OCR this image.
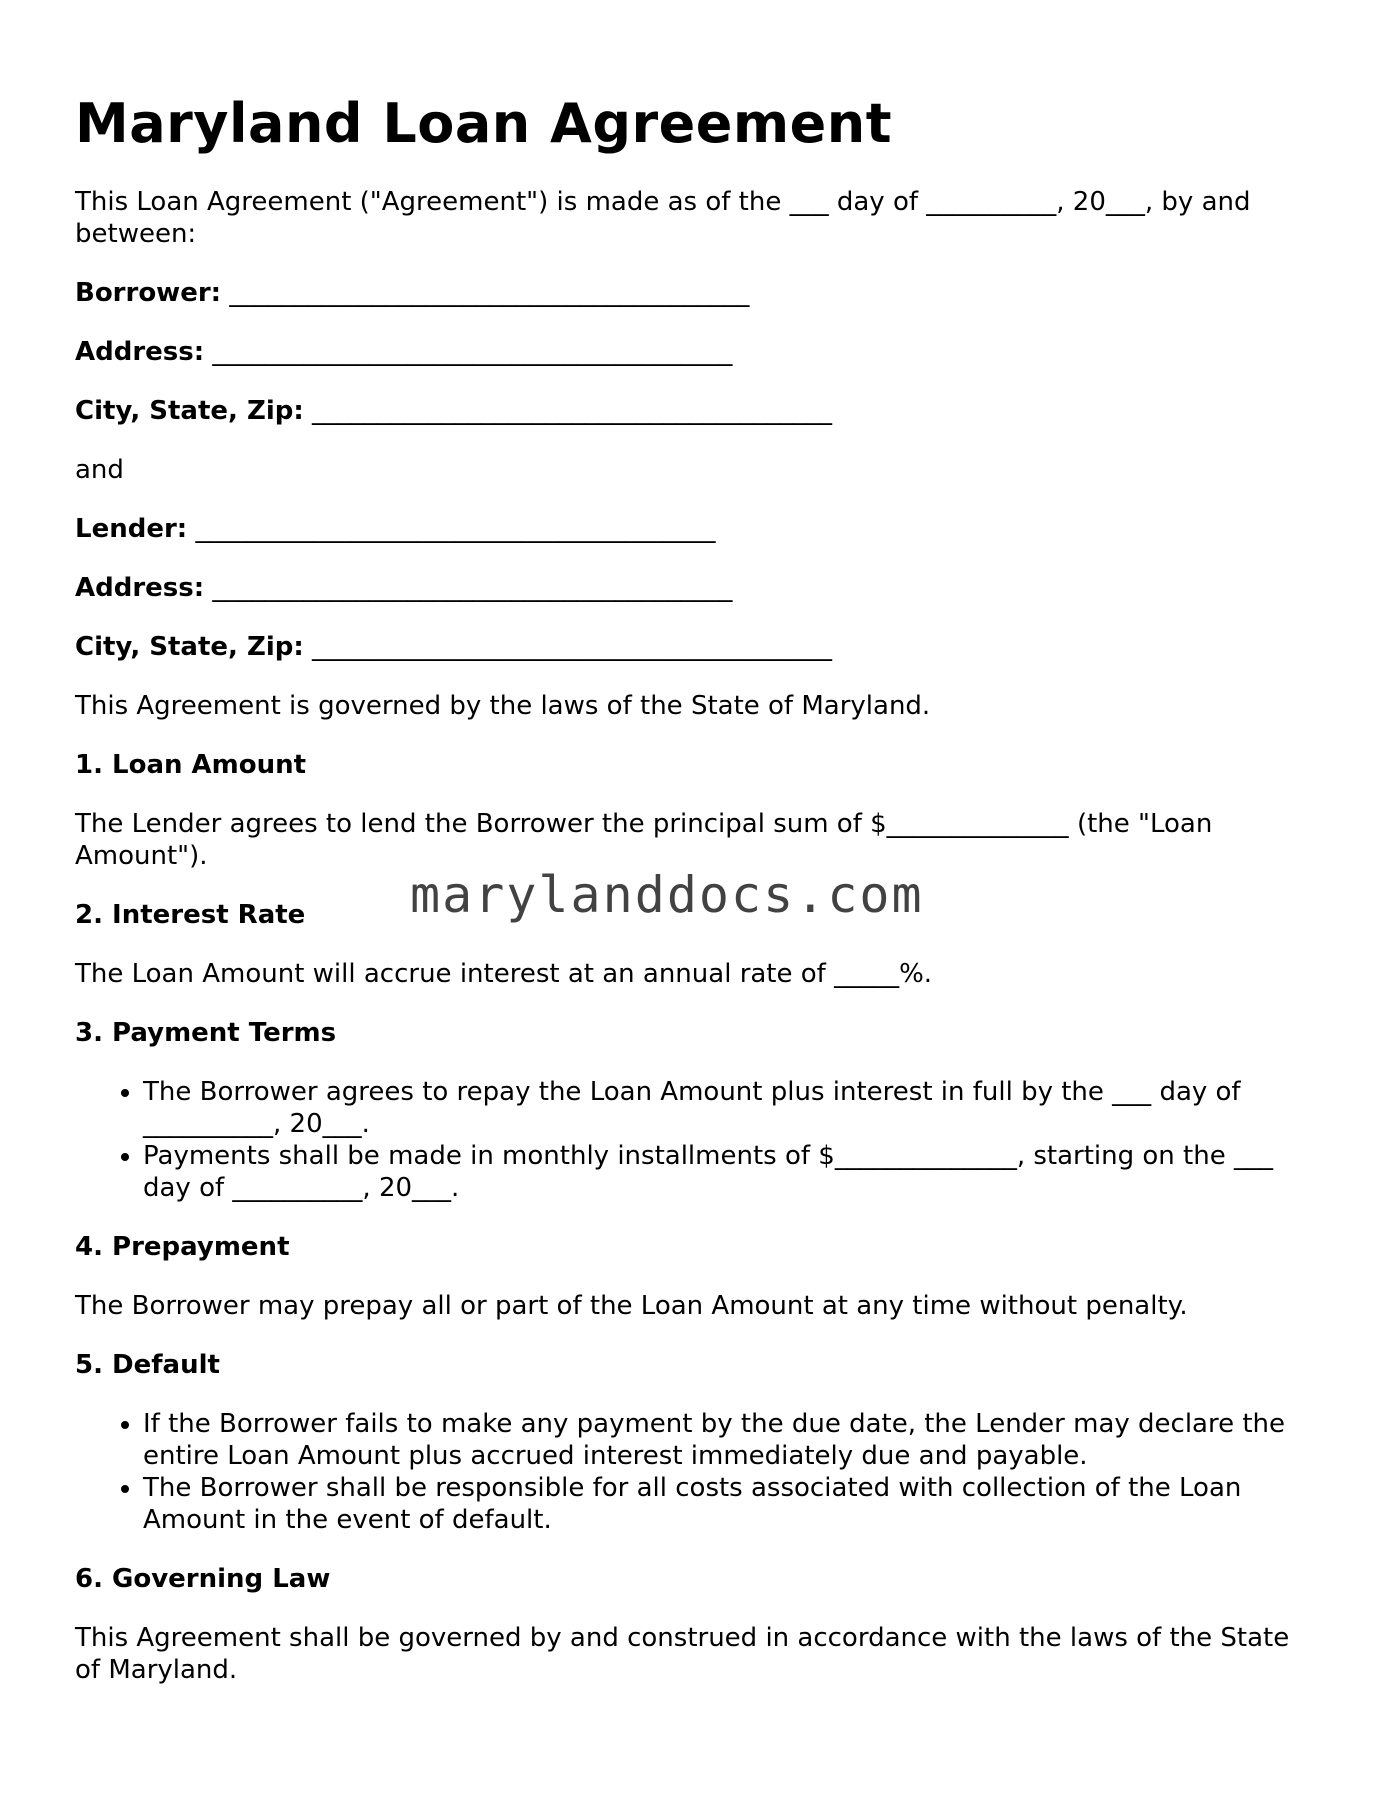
Maryland Loan Agreement

This Loan Agreement ("Agreement") is made as of the ___ day of __________, 20___, by and between:

Borrower: ________________________________________

Address: ________________________________________

City, State, Zip: ________________________________________

and

Lender: ________________________________________

Address: ________________________________________

City, State, Zip: ________________________________________

This Agreement is governed by the laws of the State of Maryland.

1. Loan Amount

The Lender agrees to lend the Borrower the principal sum of $______________ (the "Loan Amount").

2. Interest Rate

The Loan Amount will accrue interest at an annual rate of _____%.

3. Payment Terms
• The Borrower agrees to repay the Loan Amount plus interest in full by the ___ day of __________, 20___.
• Payments shall be made in monthly installments of $______________, starting on the ___ day of __________, 20___.
4. Prepayment

The Borrower may prepay all or part of the Loan Amount at any time without penalty.

5. Default
• If the Borrower fails to make any payment by the due date, the Lender may declare the entire Loan Amount plus accrued interest immediately due and payable.
• The Borrower shall be responsible for all costs associated with collection of the Loan Amount in the event of default.
6. Governing Law

This Agreement shall be governed by and construed in accordance with the laws of the State of Maryland.

marylanddocs.com
